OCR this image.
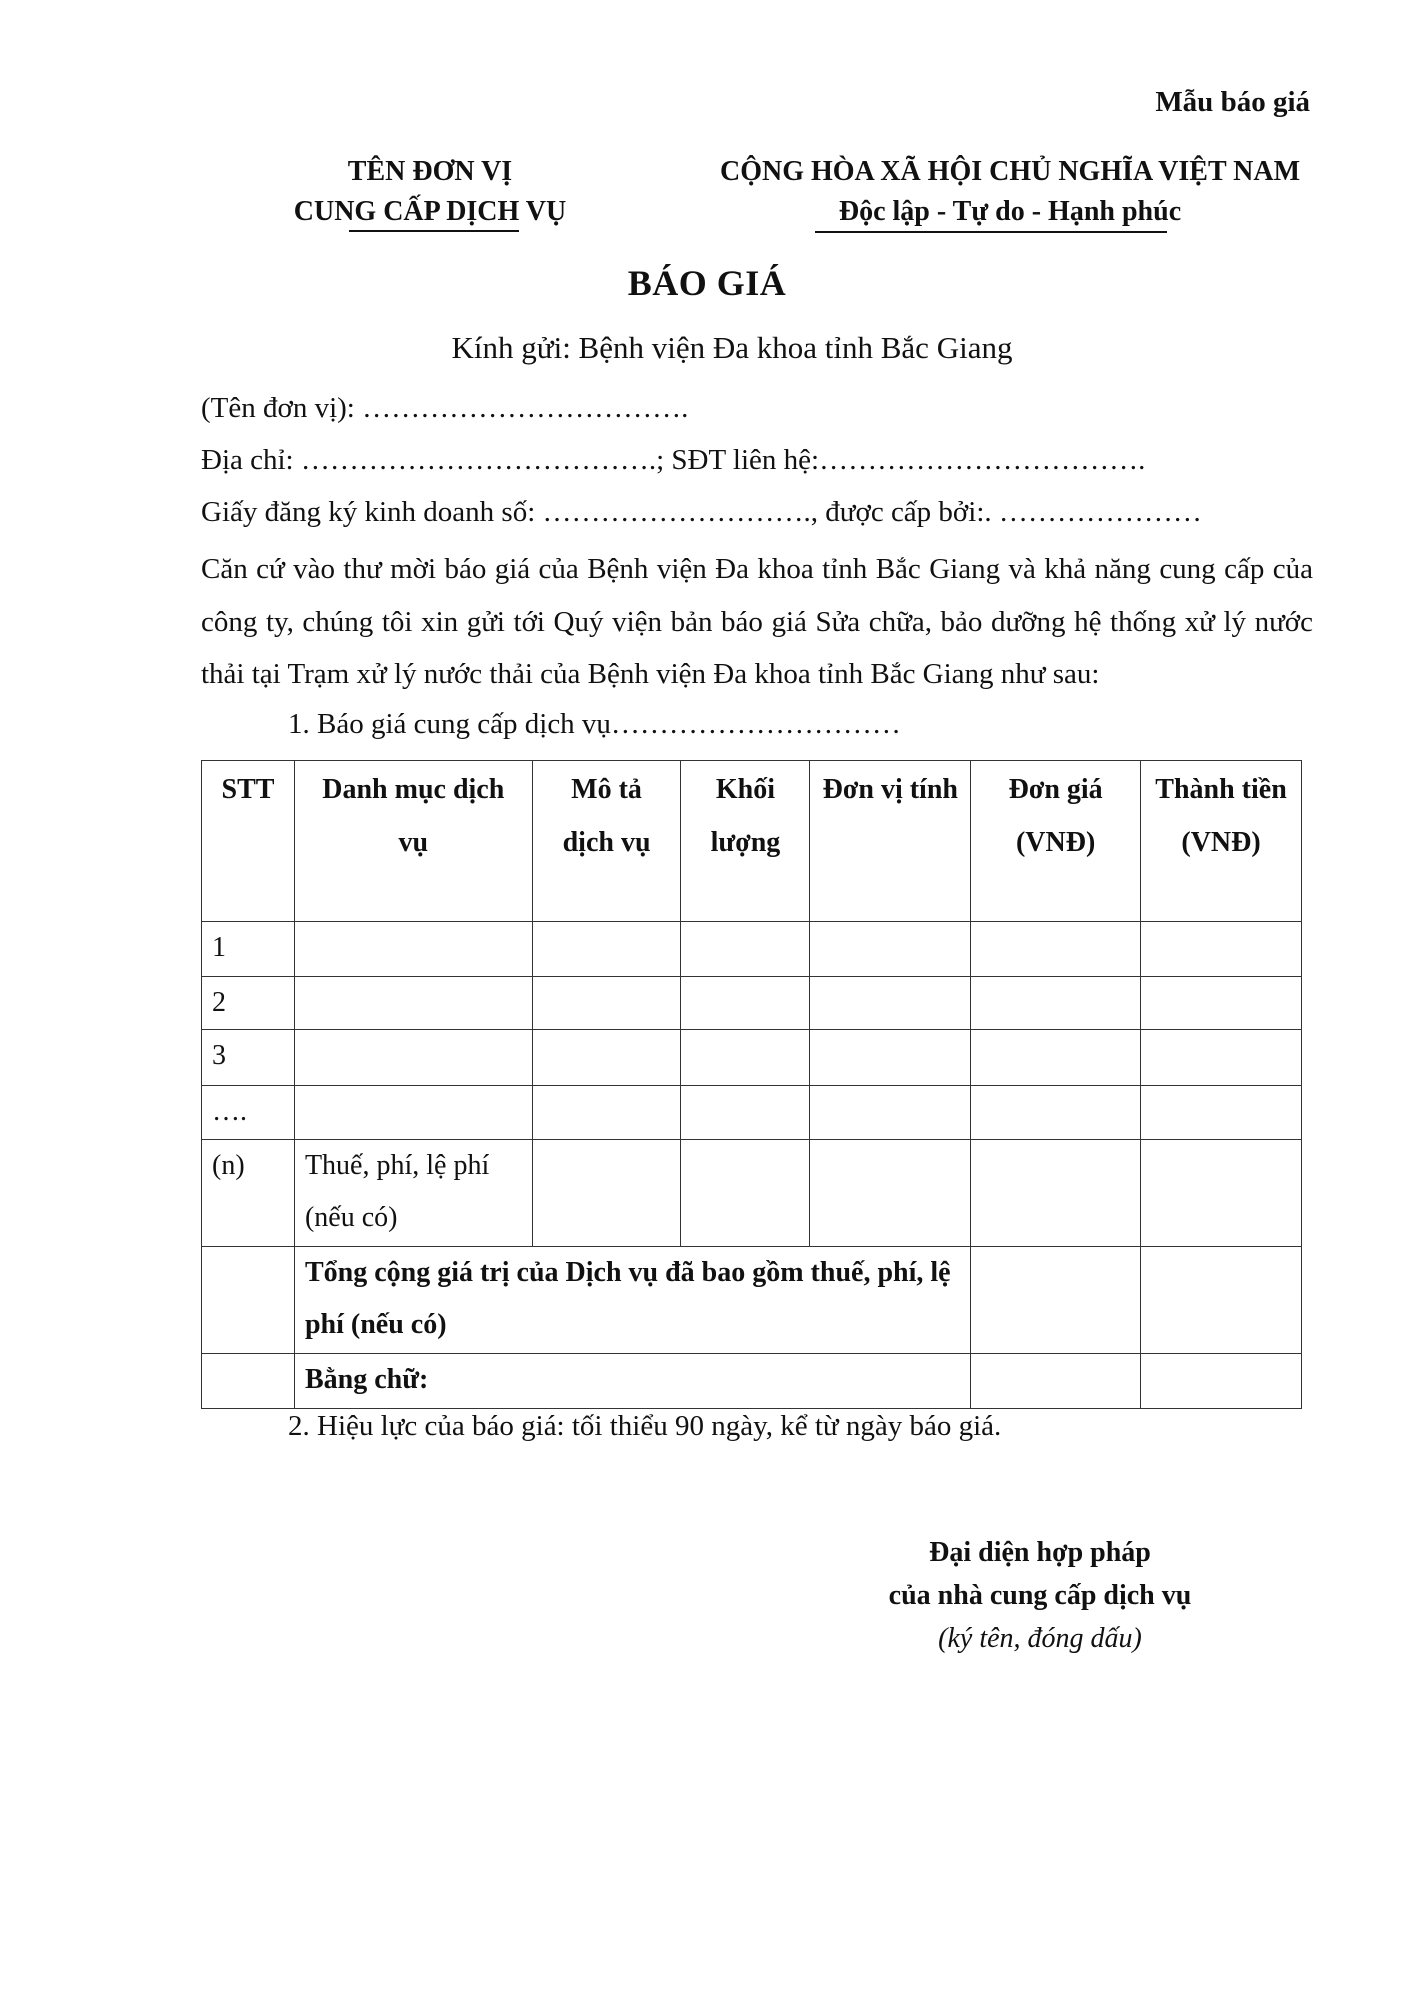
Mẫu báo giá
TÊN ĐƠN VỊ
CUNG CẤP DỊCH VỤ
CỘNG HÒA XÃ HỘI CHỦ NGHĨA VIỆT NAM
Độc lập - Tự do - Hạnh phúc
BÁO GIÁ
Kính gửi: Bệnh viện Đa khoa tỉnh Bắc Giang
(Tên đơn vị): …………………………….
Địa chỉ: ……………………………….; SĐT liên hệ:…………………………….
Giấy đăng ký kinh doanh số: ………………………., được cấp bởi:. …………………
Căn cứ vào thư mời báo giá của Bệnh viện Đa khoa tỉnh Bắc Giang và khả năng cung cấp của công ty, chúng tôi xin gửi tới Quý viện bản báo giá Sửa chữa, bảo dưỡng hệ thống xử lý nước thải tại Trạm xử lý nước thải của Bệnh viện Đa khoa tỉnh Bắc Giang như sau:
1. Báo giá cung cấp dịch vụ…………………………
STT	Danh mục dịch vụ	Mô tả dịch vụ	Khối lượng	Đơn vị tính	Đơn giá (VNĐ)	Thành tiền (VNĐ)
1						
2						
3						
….						
(n)	Thuế, phí, lệ phí (nếu có)					
	Tổng cộng giá trị của Dịch vụ đã bao gồm thuế, phí, lệ phí (nếu có)					
	Bằng chữ:					
2. Hiệu lực của báo giá: tối thiểu 90 ngày, kể từ ngày báo giá.
Đại diện hợp pháp
của nhà cung cấp dịch vụ
(ký tên, đóng dấu)
